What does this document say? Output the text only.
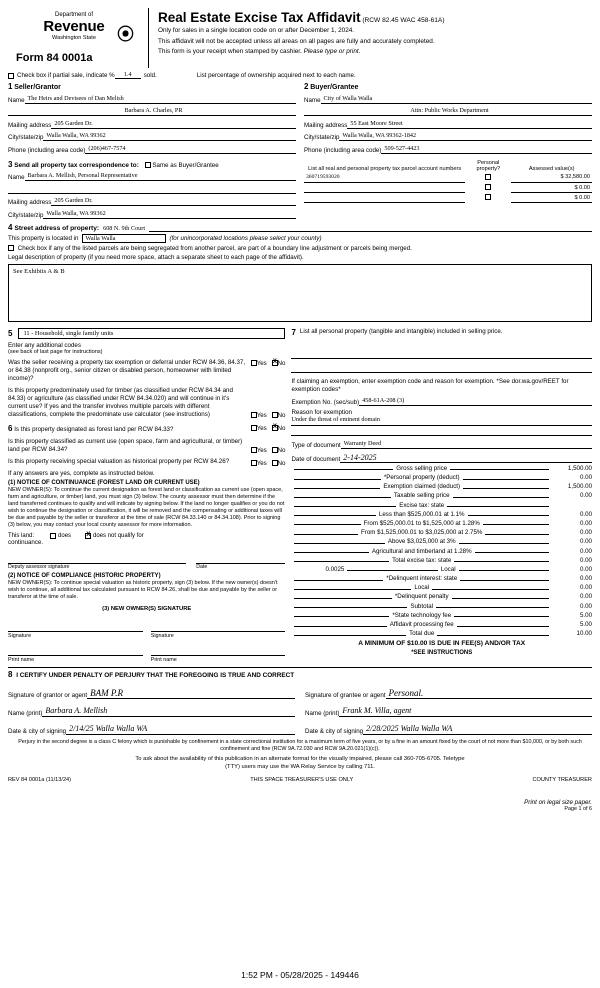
Department of
Revenue
Washington State	⦿
Real Estate Excise Tax Affidavit (RCW 82.45 WAC 458-61A)

Only for sales in a single location code on or after December 1, 2024.

This affidavit will not be accepted unless all areas on all pages are fully and accurately completed.

This form is your receipt when stamped by cashier. Please type or print.

Form 84 0001a
Check box if partial sale, indicate %	1.4	sold.	List percentage of ownership acquired next to each name.
1 Seller/Grantor
Name The Heirs and Devisees of Dan Melish
Barbara A. Charles, PR
Mailing address 205 Garden Dr.
City/state/zip Walla Walla, WA 99362
Phone (including area code) (206)467-7574
2 Buyer/Grantee
Name City of Walla Walla
Attn: Public Works Department
Mailing address 55 East Moore Street
City/state/zip Walla Walla, WA 99362-1842
Phone (including area code) 509-527-4423
3 Send all property tax correspondence to: Same as Buyer/Grantee
Name Barbara A. Mellish, Personal Representative

Mailing address 205 Garden Dr.
City/state/zip Walla Walla, WA 99362
List all real and personal property tax parcel account numbers	Personal property?	Assessed value(s)
360719593020		$ 32,580.00
		$ 0.00
		$ 0.00
4 Street address of property: 608 N. 9th Court
This property is located in	Walla Walla	(for unincorporated locations please select your county)
Check box if any of the listed parcels are being segregated from another parcel, are part of a boundary line adjustment or parcels being merged.
Legal description of property (if you need more space, attach a separate sheet to each page of the affidavit).
See Exhibits A & B
5	11 - Household, single family units
Enter any additional codes
(see back of last page for instructions)
Was the seller receiving a property tax exemption or deferral under RCW 84.36, 84.37, or 84.38 (nonprofit org., senior citizen or disabled person, homeowner with limited income)?
Yes X No
Is this property predominately used for timber (as classified under RCW 84.34 and 84.33) or agriculture (as classified under RCW 84.34.020) and will continue in it's current use? If yes and the transfer involves multiple parcels with different classifications, complete the predominate use calculator (see instructions)	Yes No
6 Is this property designated as forest land per RCW 84.33?	Yes X No
Is this property classified as current use (open space, farm and agricultural, or timber) land per RCW 84.34?	Yes No
Is this property receiving special valuation as historical property per RCW 84.26?	Yes No
If any answers are yes, complete as instructed below.
(1) NOTICE OF CONTINUANCE (FOREST LAND OR CURRENT USE)
NEW OWNER(S): To continue the current designation as forest land or classification as current use (open space, farm and agriculture, or timber) land, you must sign (3) below. The county assessor must then determine if the land transferred continues to qualify and will indicate by signing below. If the land no longer qualifies or you do not wish to continue the designation or classification, it will be removed and the compensating or additional taxes will be due and payable by the seller or transferor at the time of sale (RCW 84.33.140 or 84.34.108). Prior to signing (3) below, you may contact your local county assessor for more information.
This land:	does X	does not qualify for
continuance.
Deputy assessor signature	Date
(2) NOTICE OF COMPLIANCE (HISTORIC PROPERTY)
NEW OWNER(S): To continue special valuation as historic property, sign (3) below. If the new owner(s) doesn't wish to continue, all additional tax calculated pursuant to RCW 84.26, shall be due and payable by the seller or transferor at the time of sale.
(3) NEW OWNER(S) SIGNATURE
Signature	Signature
Print name	Print name
7 List all personal property (tangible and intangible) included in selling price.
If claiming an exemption, enter exemption code and reason for exemption. *See dor.wa.gov/REET for exemption codes*
Exemption No. (sec/sub) 458-61A-208 (3)
Reason for exemption
Under the threat of eminent domain
Type of document Warranty Deed
Date of document 2-14-2025
Gross selling price	1,500.00
*Personal property (deduct)	0.00
Exemption claimed (deduct)	1,500.00
Taxable selling price	0.00
Excise tax: state
Less than $525,000.01 at 1.1%	0.00
From $525,000.01 to $1,525,000 at 1.28%	0.00
From $1,525,000.01 to $3,025,000 at 2.75%	0.00
Above $3,025,000 at 3%	0.00
Agricultural and timberland at 1.28%	0.00
Total excise tax: state	0.00
0.0025	Local	0.00
*Delinquent interest: state	0.00
Local	0.00
*Delinquent penalty	0.00
Subtotal	0.00
*State technology fee	5.00
Affidavit processing fee	5.00
Total due	10.00
A MINIMUM OF $10.00 IS DUE IN FEE(S) AND/OR TAX
*SEE INSTRUCTIONS
8 I CERTIFY UNDER PENALTY OF PERJURY THAT THE FOREGOING IS TRUE AND CORRECT
Signature of grantor or agent BAM P.R
Name (print) Barbara A. Mellish
Date & city of signing 2/14/25 Walla Walla WA
Signature of grantee or agent Personal.
Name (print) Frank M. Villa, agent
Date & city of signing 2/28/2025 Walla Walla WA
Perjury in the second degree is a class C felony which is punishable by confinement in a state correctional institution for a maximum term of five years, or by a fine in an amount fixed by the court of not more than $10,000, or by both such confinement and fine (RCW 9A.72.030 and RCW 9A.20.021(1)(c)).
To ask about the availability of this publication in an alternate format for the visually impaired, please call 360-705-6705. Teletype
(TTY) users may use the WA Relay Service by calling 711.
REV 84 0001a (11/13/24)	THIS SPACE TREASURER'S USE ONLY	COUNTY TREASURER
Print on legal size paper.
Page 1 of 6
1:52 PM - 05/28/2025 - 149446
